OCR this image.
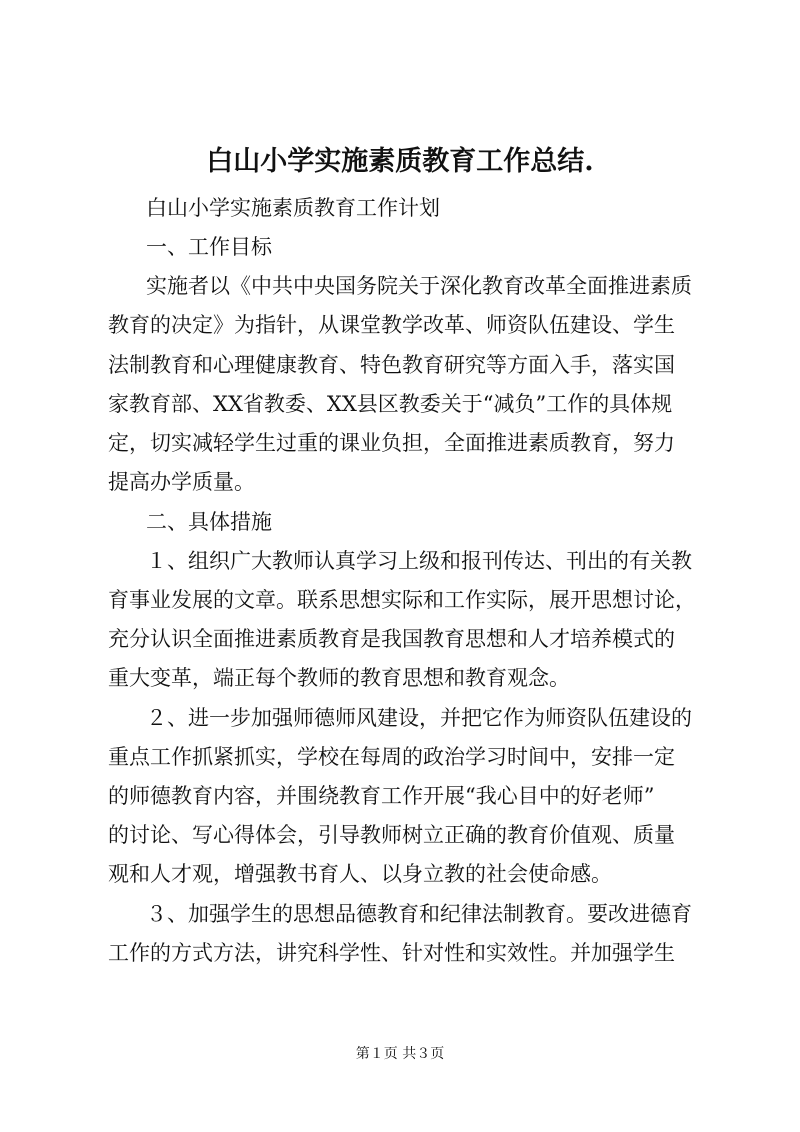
白山小学实施素质教育工作总结.
白山小学实施素质教育工作计划
一、工作目标
实施者以《中共中央国务院关于深化教育改革全面推进素质
教育的决定》为指针，从课堂教学改革、师资队伍建设、学生
法制教育和心理健康教育、特色教育研究等方面入手，落实国
家教育部、XX省教委、XX县区教委关于“减负”工作的具体规
定，切实减轻学生过重的课业负担，全面推进素质教育，努力
提高办学质量。
二、具体措施
１、组织广大教师认真学习上级和报刊传达、刊出的有关教
育事业发展的文章。联系思想实际和工作实际，展开思想讨论，
充分认识全面推进素质教育是我国教育思想和人才培养模式的
重大变革，端正每个教师的教育思想和教育观念。
２、进一步加强师德师风建设，并把它作为师资队伍建设的
重点工作抓紧抓实，学校在每周的政治学习时间中，安排一定
的师德教育内容，并围绕教育工作开展“我心目中的好老师”
的讨论、写心得体会，引导教师树立正确的教育价值观、质量
观和人才观，增强教书育人、以身立教的社会使命感。
３、加强学生的思想品德教育和纪律法制教育。要改进德育
工作的方式方法，讲究科学性、针对性和实效性。并加强学生
第１页 共３页
